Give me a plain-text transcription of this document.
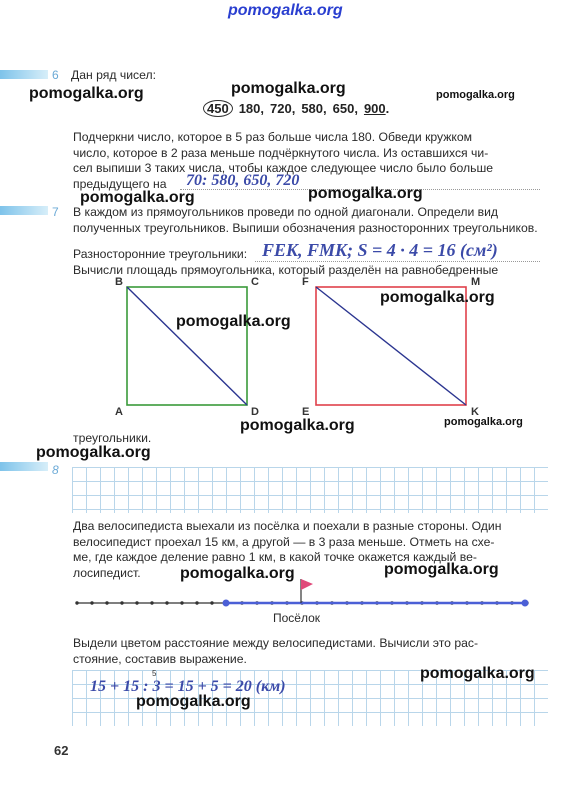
pomogalka.org
6 Дан ряд чисел:
450 180, 720, 580, 650, 900 .
Подчеркни число, которое в 5 раз больше числа 180. Обведи кружком
число, которое в 2 раза меньше подчёркнутого числа. Из оставшихся чи-
сел выпиши 3 таких числа, чтобы каждое следующее число было больше
предыдущего на	70: 580, 650, 720
7 В каждом из прямоугольников проведи по одной диагонали. Определи вид
полученных треугольников. Выпиши обозначения разносторонних треугольников.
Разносторонние треугольники: FEK, FMK; S = 4 · 4 = 16 (см²)
Вычисли площадь прямоугольника, который разделён на равнобедренные
B	C
A	D
F	M
E	K
треугольники.
8
Два велосипедиста выехали из посёлка и поехали в разные стороны. Один
велосипедист проехал 15 км, а другой — в 3 раза меньше. Отметь на схе-
ме, где каждое деление равно 1 км, в какой точке окажется каждый ве-
лосипедист.
Посёлок
Выдели цветом расстояние между велосипедистами. Вычисли это рас-
стояние, составив выражение.
5
15 + 15 : 3 = 15 + 5 = 20 (км)
62
pomogalka.org
pomogalka.org	pomogalka.org
pomogalka.org
pomogalka.org
pomogalka.org
pomogalka.org
pomogalka.org	pomogalka.org
pomogalka.org
pomogalka.org	pomogalka.org
pomogalka.org
pomogalka.org
